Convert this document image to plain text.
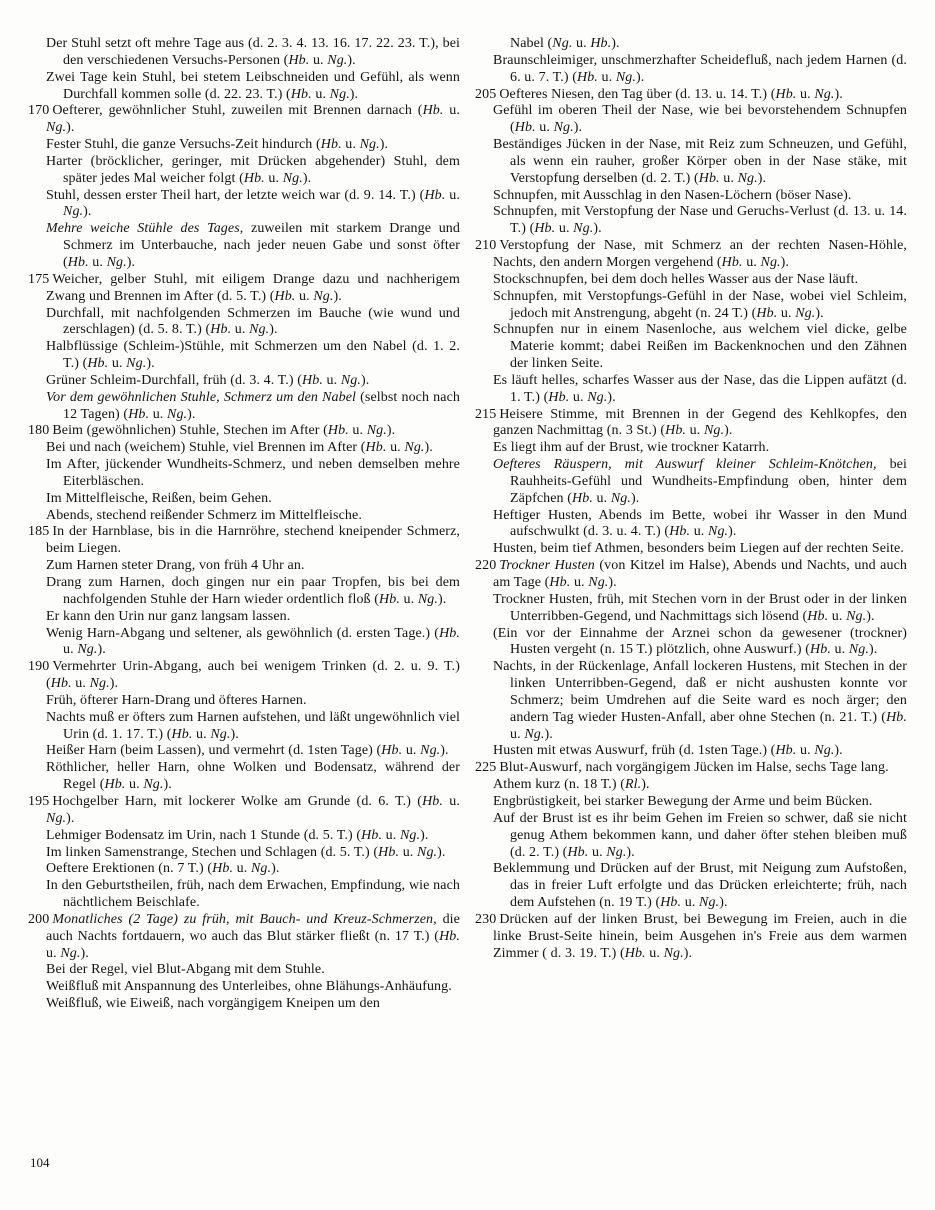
Der Stuhl setzt oft mehre Tage aus (d. 2. 3. 4. 13. 16. 17. 22. 23. T.), bei den verschiedenen Versuchs-Personen (Hb. u. Ng.).

Zwei Tage kein Stuhl, bei stetem Leibschneiden und Gefühl, als wenn Durchfall kommen solle (d. 22. 23. T.) (Hb. u. Ng.).

170 Oefterer, gewöhnlicher Stuhl, zuweilen mit Brennen darnach (Hb. u. Ng.).

Fester Stuhl, die ganze Versuchs-Zeit hindurch (Hb. u. Ng.).

Harter (bröcklicher, geringer, mit Drücken abgehender) Stuhl, dem später jedes Mal weicher folgt (Hb. u. Ng.).

Stuhl, dessen erster Theil hart, der letzte weich war (d. 9. 14. T.) (Hb. u. Ng.).

Mehre weiche Stühle des Tages, zuweilen mit starkem Drange und Schmerz im Unterbauche, nach jeder neuen Gabe und sonst öfter (Hb. u. Ng.).

175 Weicher, gelber Stuhl, mit eiligem Drange dazu und nachherigem Zwang und Brennen im After (d. 5. T.) (Hb. u. Ng.).

Durchfall, mit nachfolgenden Schmerzen im Bauche (wie wund und zerschlagen) (d. 5. 8. T.) (Hb. u. Ng.).

Halbflüssige (Schleim-)Stühle, mit Schmerzen um den Nabel (d. 1. 2. T.) (Hb. u. Ng.).

Grüner Schleim-Durchfall, früh (d. 3. 4. T.) (Hb. u. Ng.).

Vor dem gewöhnlichen Stuhle, Schmerz um den Nabel (selbst noch nach 12 Tagen) (Hb. u. Ng.).

180 Beim (gewöhnlichen) Stuhle, Stechen im After (Hb. u. Ng.).

Bei und nach (weichem) Stuhle, viel Brennen im After (Hb. u. Ng.).

Im After, jückender Wundheits-Schmerz, und neben demselben mehre Eiterbläschen.

Im Mittelfleische, Reißen, beim Gehen.

Abends, stechend reißender Schmerz im Mittelfleische.

185 In der Harnblase, bis in die Harnröhre, stechend kneipender Schmerz, beim Liegen.

Zum Harnen steter Drang, von früh 4 Uhr an.

Drang zum Harnen, doch gingen nur ein paar Tropfen, bis bei dem nachfolgenden Stuhle der Harn wieder ordentlich floß (Hb. u. Ng.).

Er kann den Urin nur ganz langsam lassen.

Wenig Harn-Abgang und seltener, als gewöhnlich (d. ersten Tage.) (Hb. u. Ng.).

190 Vermehrter Urin-Abgang, auch bei wenigem Trinken (d. 2. u. 9. T.) (Hb. u. Ng.).

Früh, öfterer Harn-Drang und öfteres Harnen.

Nachts muß er öfters zum Harnen aufstehen, und läßt ungewöhnlich viel Urin (d. 1. 17. T.) (Hb. u. Ng.).

Heißer Harn (beim Lassen), und vermehrt (d. 1sten Tage) (Hb. u. Ng.).

Röthlicher, heller Harn, ohne Wolken und Bodensatz, während der Regel (Hb. u. Ng.).

195 Hochgelber Harn, mit lockerer Wolke am Grunde (d. 6. T.) (Hb. u. Ng.).

Lehmiger Bodensatz im Urin, nach 1 Stunde (d. 5. T.) (Hb. u. Ng.).

Im linken Samenstrange, Stechen und Schlagen (d. 5. T.) (Hb. u. Ng.).

Oeftere Erektionen (n. 7 T.) (Hb. u. Ng.).

In den Geburtstheilen, früh, nach dem Erwachen, Empfindung, wie nach nächtlichem Beischlafe.

200 Monatliches (2 Tage) zu früh, mit Bauch- und Kreuz-Schmerzen, die auch Nachts fortdauern, wo auch das Blut stärker fließt (n. 17 T.) (Hb. u. Ng.).

Bei der Regel, viel Blut-Abgang mit dem Stuhle.

Weißfluß mit Anspannung des Unterleibes, ohne Blähungs-Anhäufung.

Weißfluß, wie Eiweiß, nach vorgängigem Kneipen um den

Nabel (Ng. u. Hb.).

Braunschleimiger, unschmerzhafter Scheidefluß, nach jedem Harnen (d. 6. u. 7. T.) (Hb. u. Ng.).

205 Oefteres Niesen, den Tag über (d. 13. u. 14. T.) (Hb. u. Ng.).

Gefühl im oberen Theil der Nase, wie bei bevorstehendem Schnupfen (Hb. u. Ng.).

Beständiges Jücken in der Nase, mit Reiz zum Schneuzen, und Gefühl, als wenn ein rauher, großer Körper oben in der Nase stäke, mit Verstopfung derselben (d. 2. T.) (Hb. u. Ng.).

Schnupfen, mit Ausschlag in den Nasen-Löchern (böser Nase).

Schnupfen, mit Verstopfung der Nase und Geruchs-Verlust (d. 13. u. 14. T.) (Hb. u. Ng.).

210 Verstopfung der Nase, mit Schmerz an der rechten Nasen-Höhle, Nachts, den andern Morgen vergehend (Hb. u. Ng.).

Stockschnupfen, bei dem doch helles Wasser aus der Nase läuft.

Schnupfen, mit Verstopfungs-Gefühl in der Nase, wobei viel Schleim, jedoch mit Anstrengung, abgeht (n. 24 T.) (Hb. u. Ng.).

Schnupfen nur in einem Nasenloche, aus welchem viel dicke, gelbe Materie kommt; dabei Reißen im Backenknochen und den Zähnen der linken Seite.

Es läuft helles, scharfes Wasser aus der Nase, das die Lippen aufätzt (d. 1. T.) (Hb. u. Ng.).

215 Heisere Stimme, mit Brennen in der Gegend des Kehlkopfes, den ganzen Nachmittag (n. 3 St.) (Hb. u. Ng.).

Es liegt ihm auf der Brust, wie trockner Katarrh.

Oefteres Räuspern, mit Auswurf kleiner Schleim-Knötchen, bei Rauhheits-Gefühl und Wundheits-Empfindung oben, hinter dem Zäpfchen (Hb. u. Ng.).

Heftiger Husten, Abends im Bette, wobei ihr Wasser in den Mund aufschwulkt (d. 3. u. 4. T.) (Hb. u. Ng.).

Husten, beim tief Athmen, besonders beim Liegen auf der rechten Seite.

220 Trockner Husten (von Kitzel im Halse), Abends und Nachts, und auch am Tage (Hb. u. Ng.).

Trockner Husten, früh, mit Stechen vorn in der Brust oder in der linken Unterribben-Gegend, und Nachmittags sich lösend (Hb. u. Ng.).

(Ein vor der Einnahme der Arznei schon da gewesener (trockner) Husten vergeht (n. 15 T.) plötzlich, ohne Auswurf.) (Hb. u. Ng.).

Nachts, in der Rückenlage, Anfall lockeren Hustens, mit Stechen in der linken Unterribben-Gegend, daß er nicht aushusten konnte vor Schmerz; beim Umdrehen auf die Seite ward es noch ärger; den andern Tag wieder Husten-Anfall, aber ohne Stechen (n. 21. T.) (Hb. u. Ng.).

Husten mit etwas Auswurf, früh (d. 1sten Tage.) (Hb. u. Ng.).

225 Blut-Auswurf, nach vorgängigem Jücken im Halse, sechs Tage lang.

Athem kurz (n. 18 T.) (Rl.).

Engbrüstigkeit, bei starker Bewegung der Arme und beim Bücken.

Auf der Brust ist es ihr beim Gehen im Freien so schwer, daß sie nicht genug Athem bekommen kann, und daher öfter stehen bleiben muß (d. 2. T.) (Hb. u. Ng.).

Beklemmung und Drücken auf der Brust, mit Neigung zum Aufstoßen, das in freier Luft erfolgte und das Drücken erleichterte; früh, nach dem Aufstehen (n. 19 T.) (Hb. u. Ng.).

230 Drücken auf der linken Brust, bei Bewegung im Freien, auch in die linke Brust-Seite hinein, beim Ausgehen in's Freie aus dem warmen Zimmer ( d. 3. 19. T.) (Hb. u. Ng.).

104
